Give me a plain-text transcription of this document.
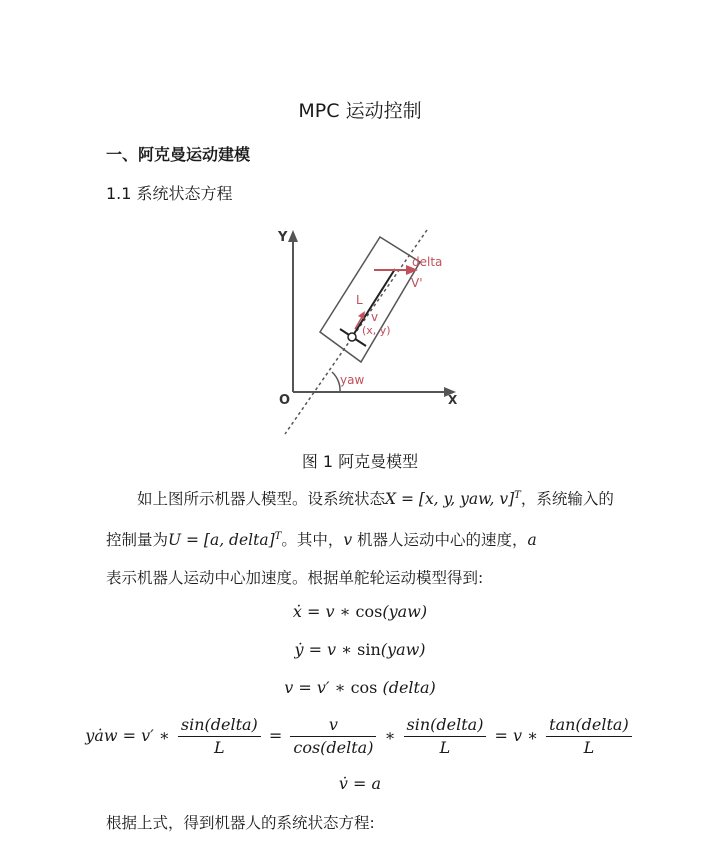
MPC 运动控制
一、阿克曼运动建模
1.1 系统状态方程
Y
X
O
yaw
delta
V'
L
v
(x, y)
图 1 阿克曼模型
如上图所示机器人模型。设系统状态X = [x, y, yaw, v]$^T$，系统输入的控制量为U = [a, delta]$^T$。其中，v 机器人运动中心的速度，a
表示机器人运动中心加速度。根据单舵轮运动模型得到:
ẋ = v ∗ cos(yaw)
ẏ = v ∗ sin(yaw)
v = v′ ∗ cos (delta)
yȧw = v′ ∗ $\frac{\text{sin(delta)}}{L} = \frac{v}{\text{cos(delta)}}$ ∗ $\frac{\text{sin(delta)}}{L} = v$ ∗ $\frac{\text{tan(delta)}}{L}$
v̇ = a
根据上式，得到机器人的系统状态方程:
